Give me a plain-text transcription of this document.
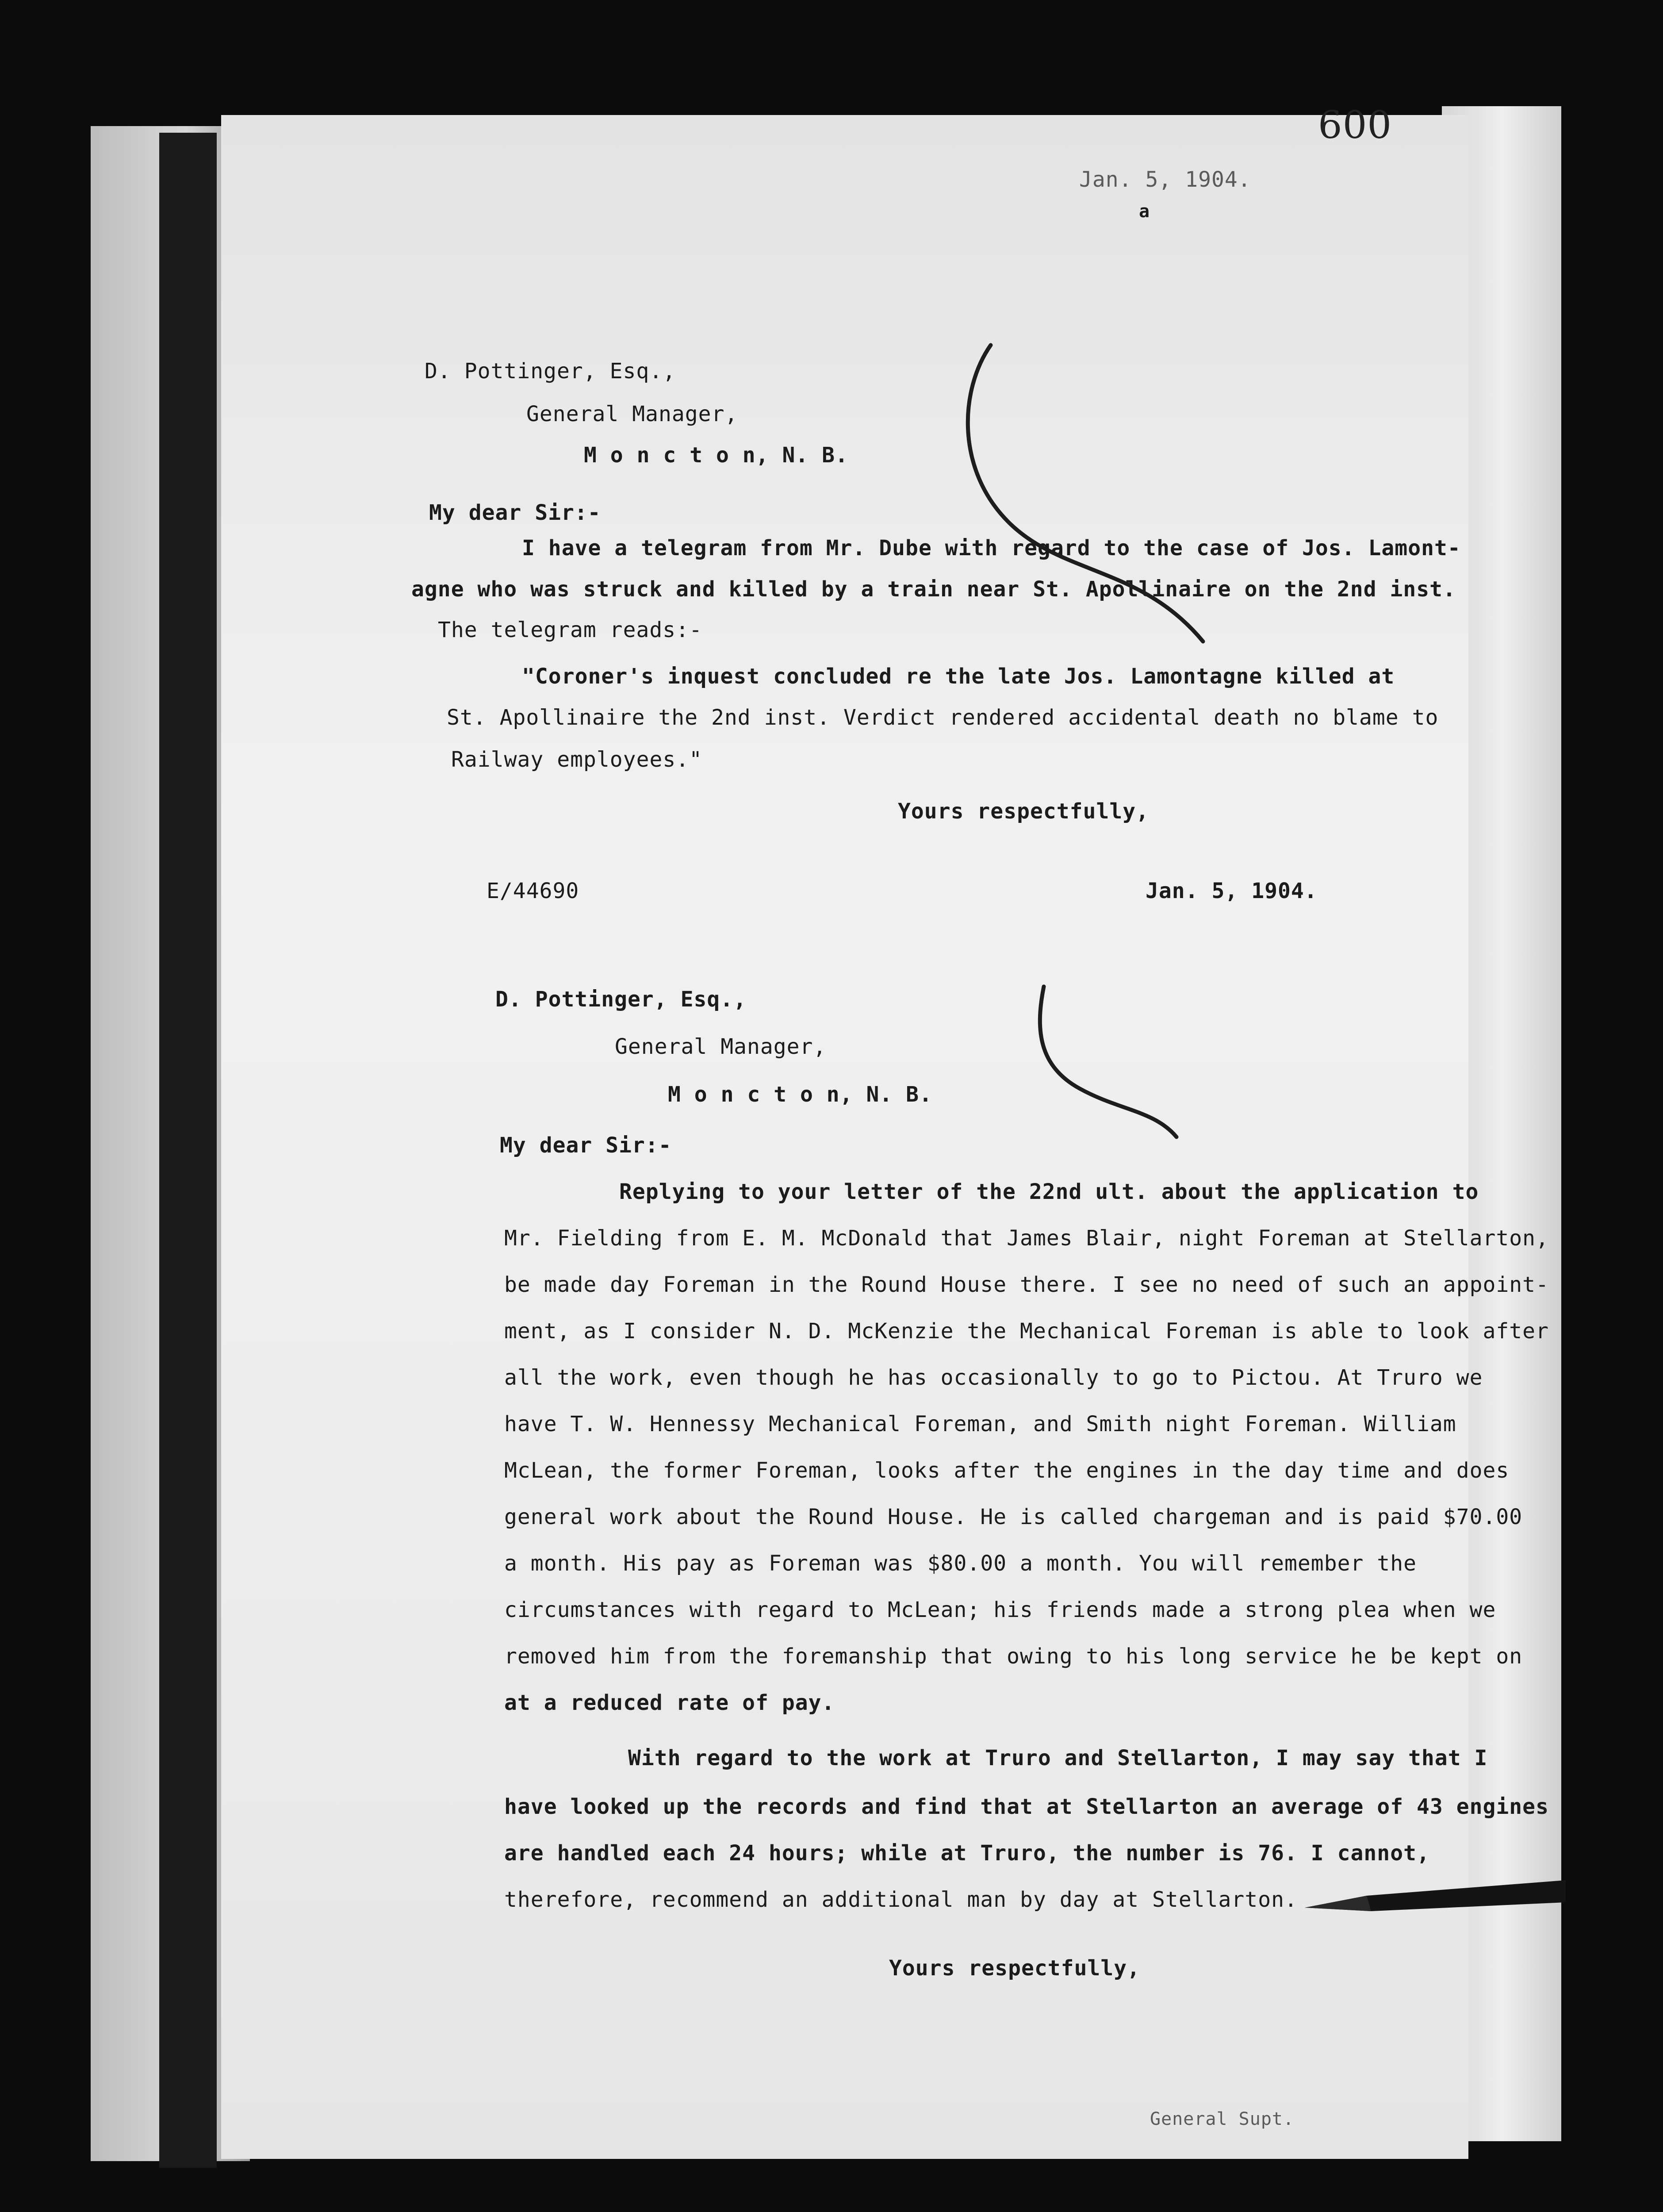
600
Jan. 5, 1904.
a
D. Pottinger, Esq.,
General Manager,
M o n c t o n, N. B.
My dear Sir:-
I have a telegram from Mr. Dube with regard to the case of Jos. Lamont-
agne who was struck and killed by a train near St. Apollinaire on the 2nd inst.
The telegram reads:-
"Coroner's inquest concluded re the late Jos. Lamontagne killed at
St. Apollinaire the 2nd inst. Verdict rendered accidental death no blame to
Railway employees."
Yours respectfully,
E/44690	Jan. 5, 1904.
D. Pottinger, Esq.,
General Manager,
M o n c t o n, N. B.
My dear Sir:-
Replying to your letter of the 22nd ult. about the application to
Mr. Fielding from E. M. McDonald that James Blair, night Foreman at Stellarton,
be made day Foreman in the Round House there. I see no need of such an appoint-
ment, as I consider N. D. McKenzie the Mechanical Foreman is able to look after
all the work, even though he has occasionally to go to Pictou. At Truro we
have T. W. Hennessy Mechanical Foreman, and Smith night Foreman. William
McLean, the former Foreman, looks after the engines in the day time and does
general work about the Round House. He is called chargeman and is paid $70.00
a month. His pay as Foreman was $80.00 a month. You will remember the
circumstances with regard to McLean; his friends made a strong plea when we
removed him from the foremanship that owing to his long service he be kept on
at a reduced rate of pay.
With regard to the work at Truro and Stellarton, I may say that I
have looked up the records and find that at Stellarton an average of 43 engines
are handled each 24 hours; while at Truro, the number is 76. I cannot,
therefore, recommend an additional man by day at Stellarton.
Yours respectfully,
General Supt.
